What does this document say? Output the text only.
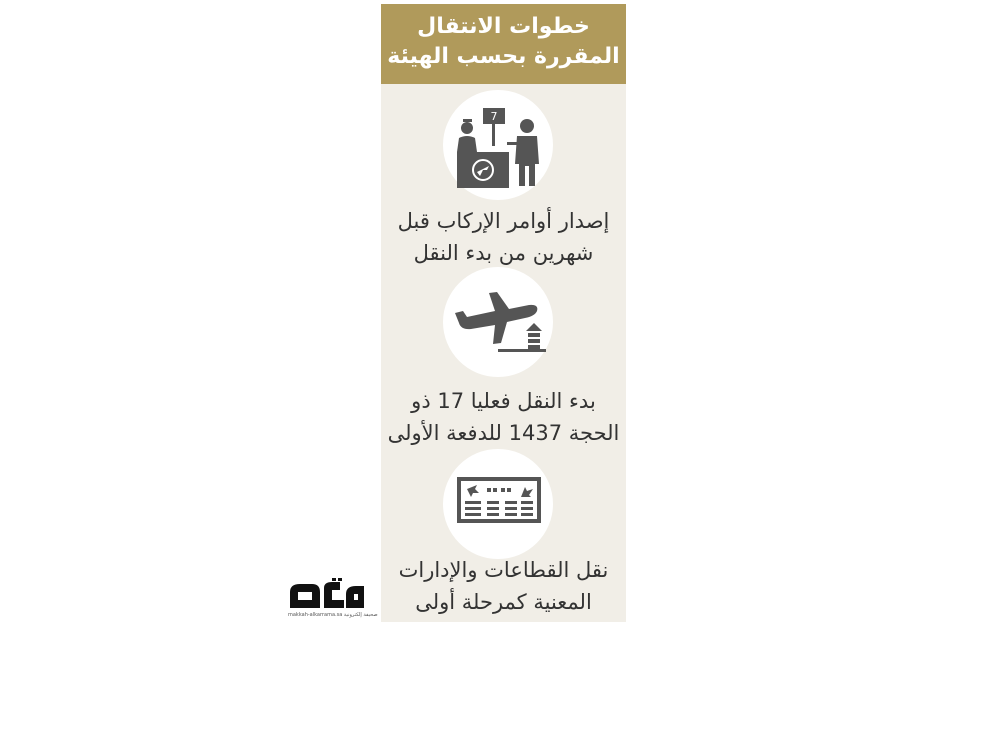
خطوات الانتقال
المقررة بحسب الهيئة
7
إصدار أوامر الإركاب قبل
شهرين من بدء النقل
بدء النقل فعليا 17 ذو
الحجة 1437 للدفعة الأولى
نقل القطاعات والإدارات
المعنية كمرحلة أولى
makkah-alkarrama.sa صحيفة إلكترونية
